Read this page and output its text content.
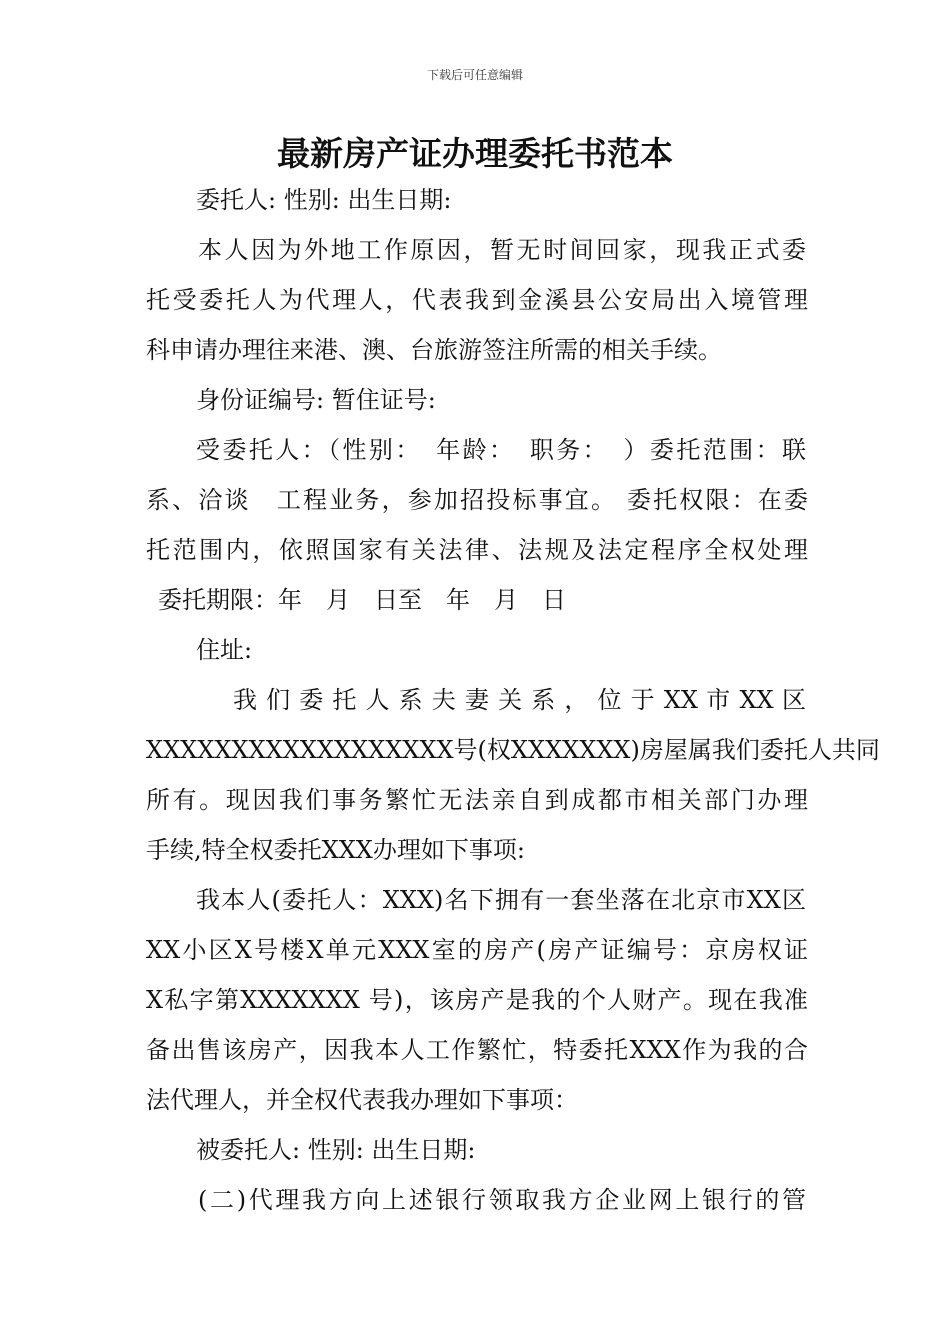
下载后可任意编辑
最新房产证办理委托书范本

委托人: 性别: 出生日期:

本人因为外地工作原因，暂无时间回家，现我正式委

托受委托人为代理人，代表我到金溪县公安局出入境管理

科申请办理往来港、澳、台旅游签注所需的相关手续。

身份证编号: 暂住证号:

受委托人：（性别：　年龄：　职务：　）委托范围：联

系、洽谈　工程业务，参加招投标事宜。 委托权限：在委

托范围内，依照国家有关法律、法规及法定程序全权处理

委托期限：年　月　日至　年　月　日

住址:

我 们 委 托 人 系 夫 妻 关 系 ， 位 于 XX 市 XX 区

XXXXXXXXXXXXXXXXXX号(权XXXXXXX)房屋属我们委托人共同

所有。现因我们事务繁忙无法亲自到成都市相关部门办理

手续,特全权委托XXX办理如下事项:

我本人(委托人：XXX)名下拥有一套坐落在北京市XX区

XX小区X号楼X单元XXX室的房产(房产证编号：京房权证

X私字第XXXXXXX 号)，该房产是我的个人财产。现在我准

备出售该房产，因我本人工作繁忙，特委托XXX作为我的合

法代理人，并全权代表我办理如下事项：

被委托人: 性别: 出生日期:

(二)代理我方向上述银行领取我方企业网上银行的管
